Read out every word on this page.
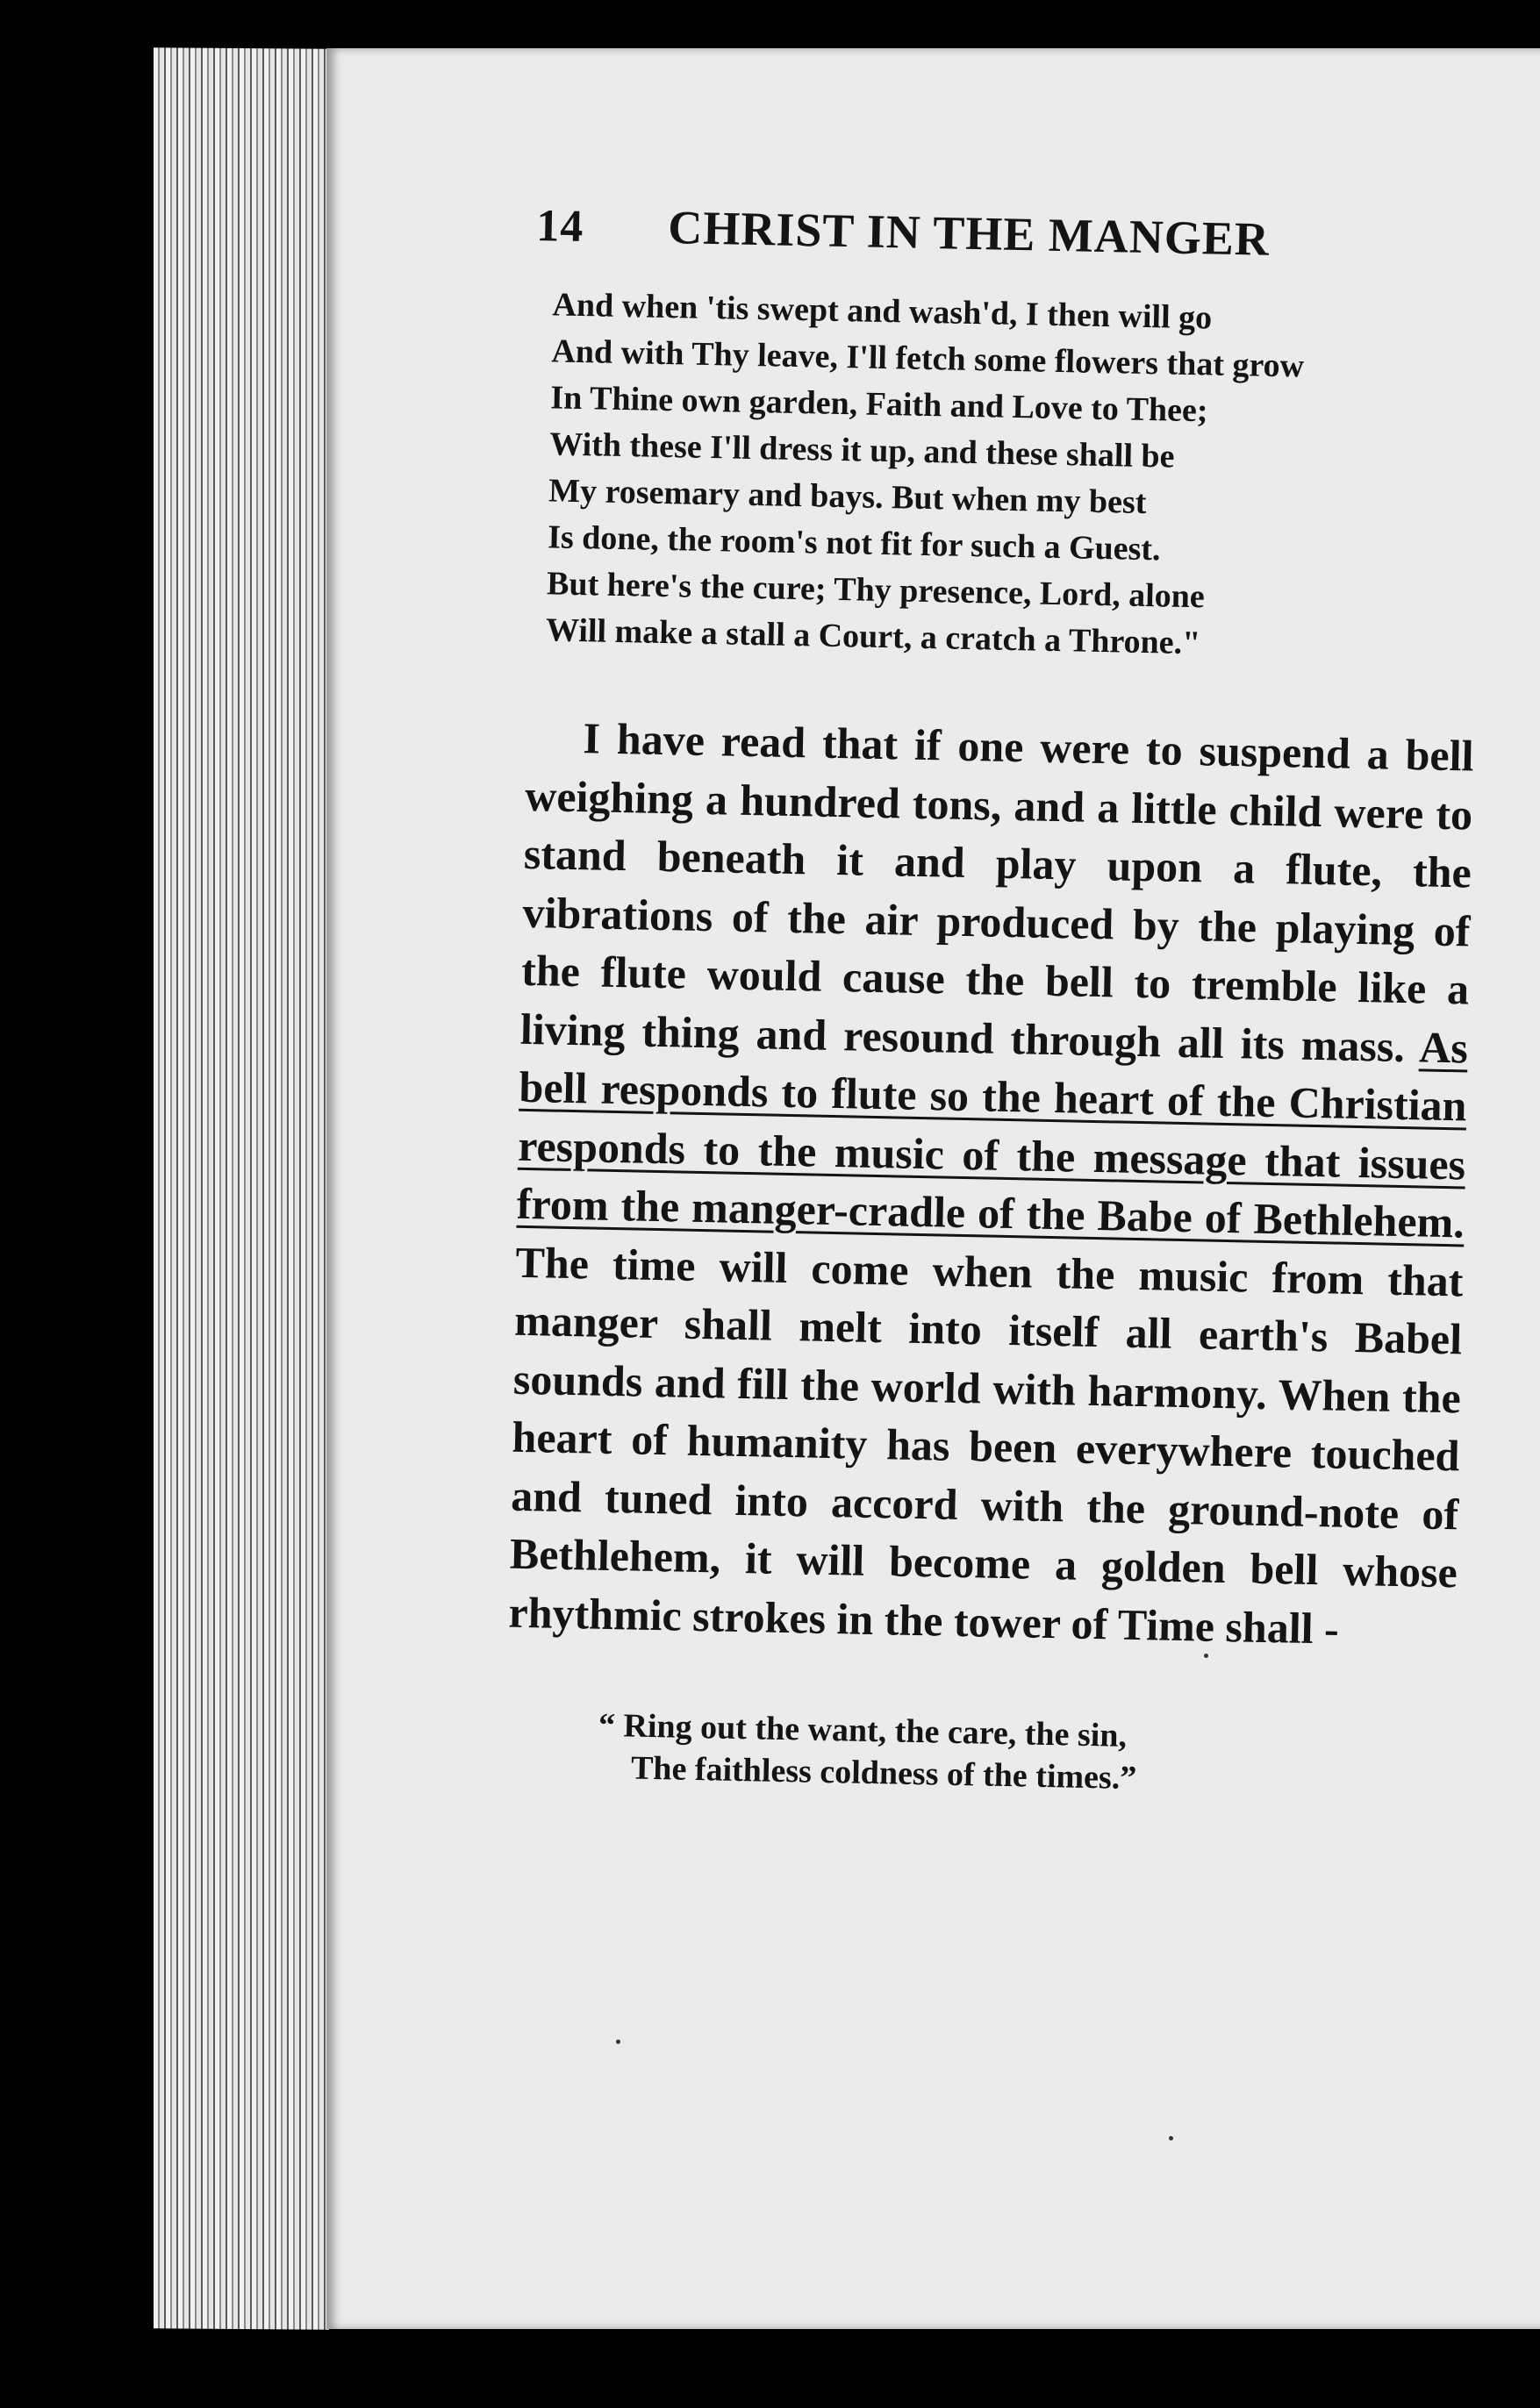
14	CHRIST IN THE MANGER
And when 'tis swept and wash'd, I then will go
And with Thy leave, I'll fetch some flowers that grow
In Thine own garden, Faith and Love to Thee;
With these I'll dress it up, and these shall be
My rosemary and bays. But when my best
Is done, the room's not fit for such a Guest.
But here's the cure; Thy presence, Lord, alone
Will make a stall a Court, a cratch a Throne."

I have read that if one were to suspend a bell weighing a hundred tons, and a little child were to stand beneath it and play upon a flute, the vibrations of the air produced by the playing of the flute would cause the bell to tremble like a living thing and resound through all its mass. As bell responds to flute so the heart of the Christian responds to the music of the message that issues from the manger-cradle of the Babe of Bethlehem. The time will come when the music from that manger shall melt into itself all earth's Babel sounds and fill the world with harmony. When the heart of humanity has been everywhere touched and tuned into accord with the ground-note of Bethlehem, it will become a golden bell whose rhythmic strokes in the tower of Time shall -

“ Ring out the want, the care, the sin,
The faithless coldness of the times.”
